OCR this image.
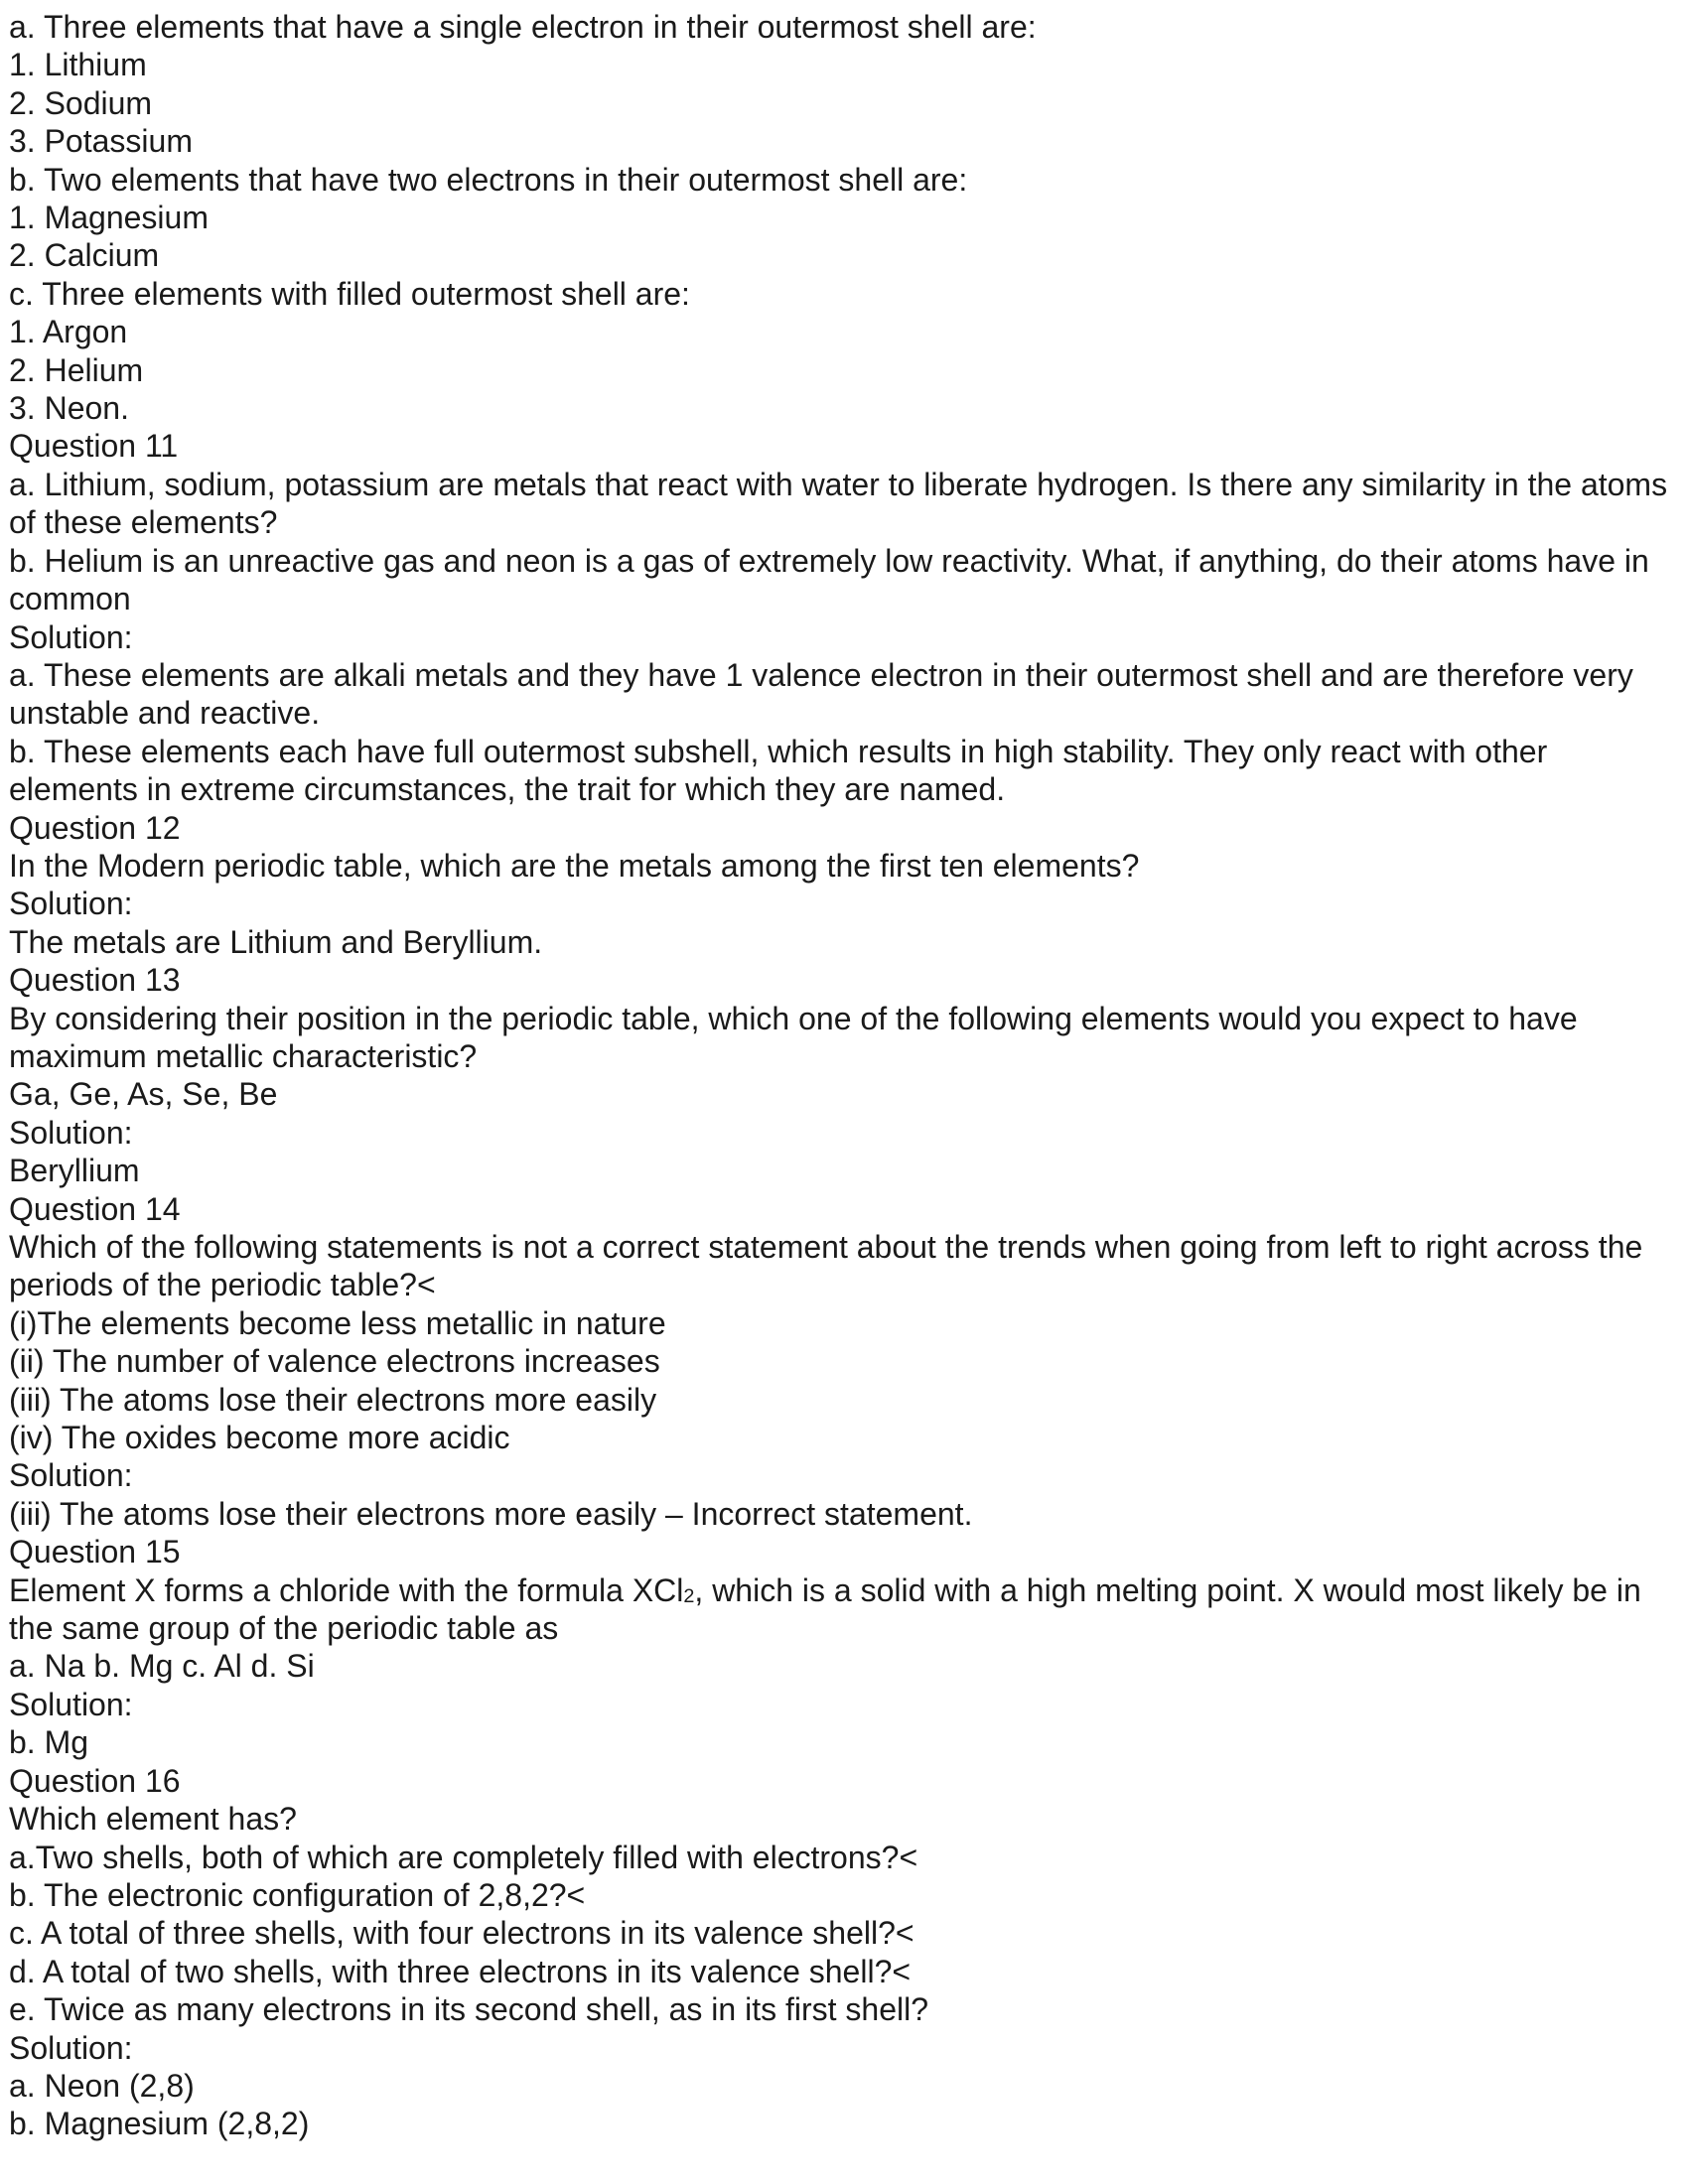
a. Three elements that have a single electron in their outermost shell are:

1. Lithium

2. Sodium

3. Potassium

b. Two elements that have two electrons in their outermost shell are:

1. Magnesium

2. Calcium

c. Three elements with filled outermost shell are:

1. Argon

2. Helium

3. Neon.

Question 11

a. Lithium, sodium, potassium are metals that react with water to liberate hydrogen. Is there any similarity in the atoms of these elements?

b. Helium is an unreactive gas and neon is a gas of extremely low reactivity. What, if anything, do their atoms have in common

Solution:

a. These elements are alkali metals and they have 1 valence electron in their outermost shell and are therefore very unstable and reactive.

b. These elements each have full outermost subshell, which results in high stability. They only react with other elements in extreme circumstances, the trait for which they are named.

Question 12

In the Modern periodic table, which are the metals among the first ten elements?

Solution:

The metals are Lithium and Beryllium.

Question 13

By considering their position in the periodic table, which one of the following elements would you expect to have maximum metallic characteristic?

Ga, Ge, As, Se, Be

Solution:

Beryllium

Question 14

Which of the following statements is not a correct statement about the trends when going from left to right across the periods of the periodic table?<

(i)The elements become less metallic in nature

(ii) The number of valence electrons increases

(iii) The atoms lose their electrons more easily

(iv) The oxides become more acidic

Solution:

(iii) The atoms lose their electrons more easily – Incorrect statement.

Question 15

Element X forms a chloride with the formula XCl$_2$, which is a solid with a high melting point. X would most likely be in the same group of the periodic table as

a. Na b. Mg c. Al d. Si

Solution:

b. Mg

Question 16

Which element has?

a.Two shells, both of which are completely filled with electrons?<

b. The electronic configuration of 2,8,2?<

c. A total of three shells, with four electrons in its valence shell?<

d. A total of two shells, with three electrons in its valence shell?<

e. Twice as many electrons in its second shell, as in its first shell?

Solution:

a. Neon (2,8)

b. Magnesium (2,8,2)
